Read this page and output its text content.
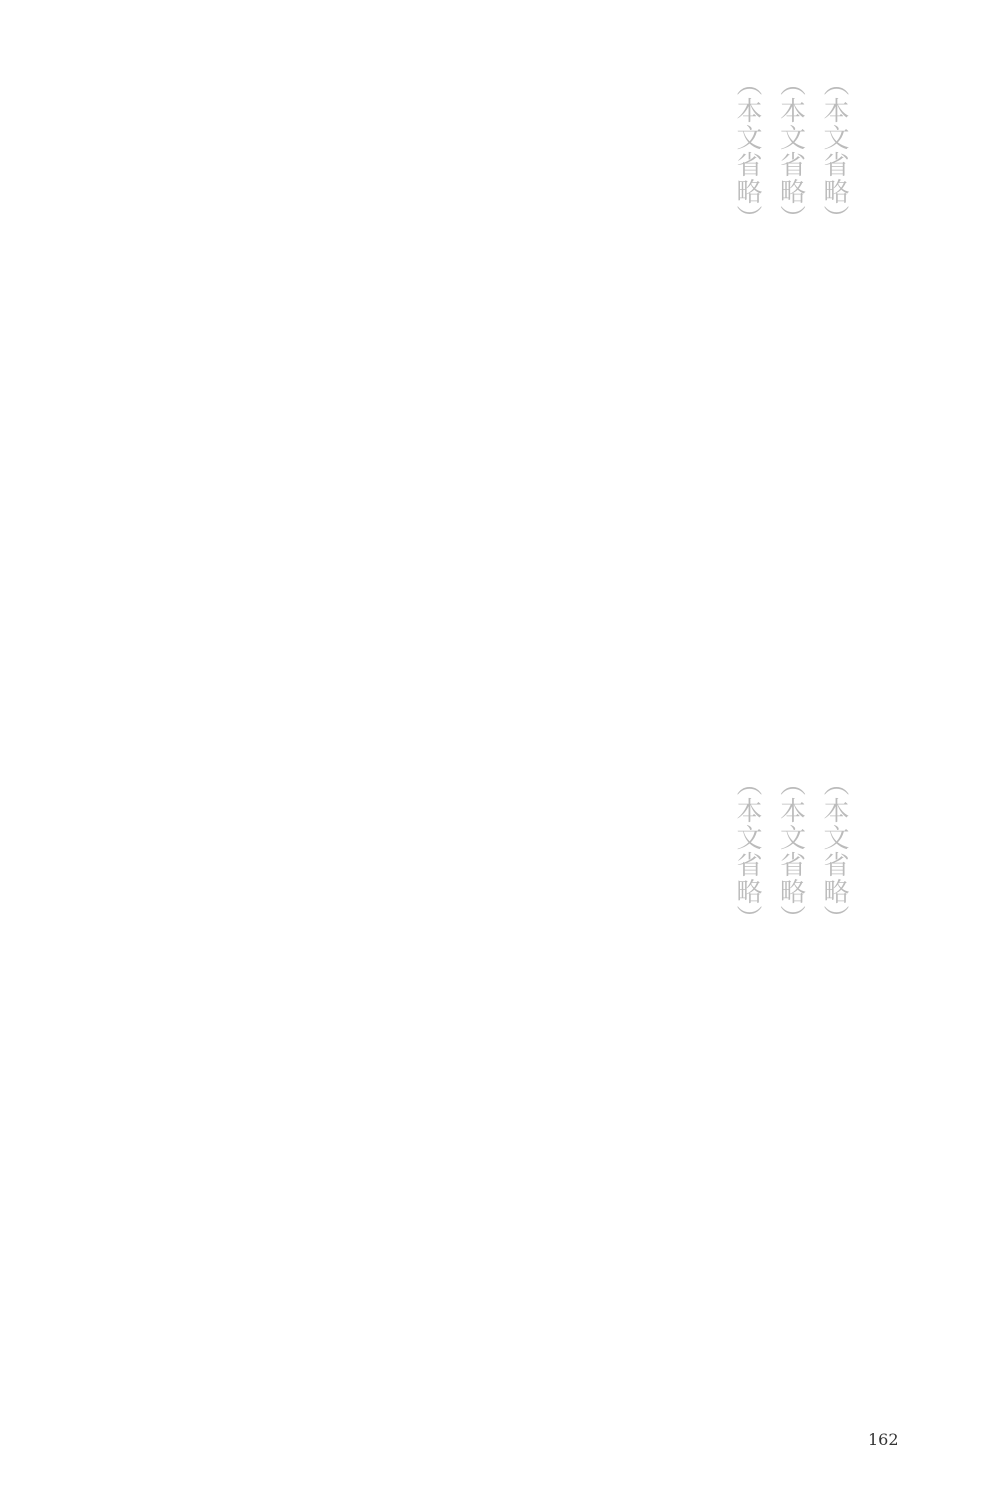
（本文省略）
（本文省略）
（本文省略）
（本文省略）
（本文省略）
（本文省略）
162
